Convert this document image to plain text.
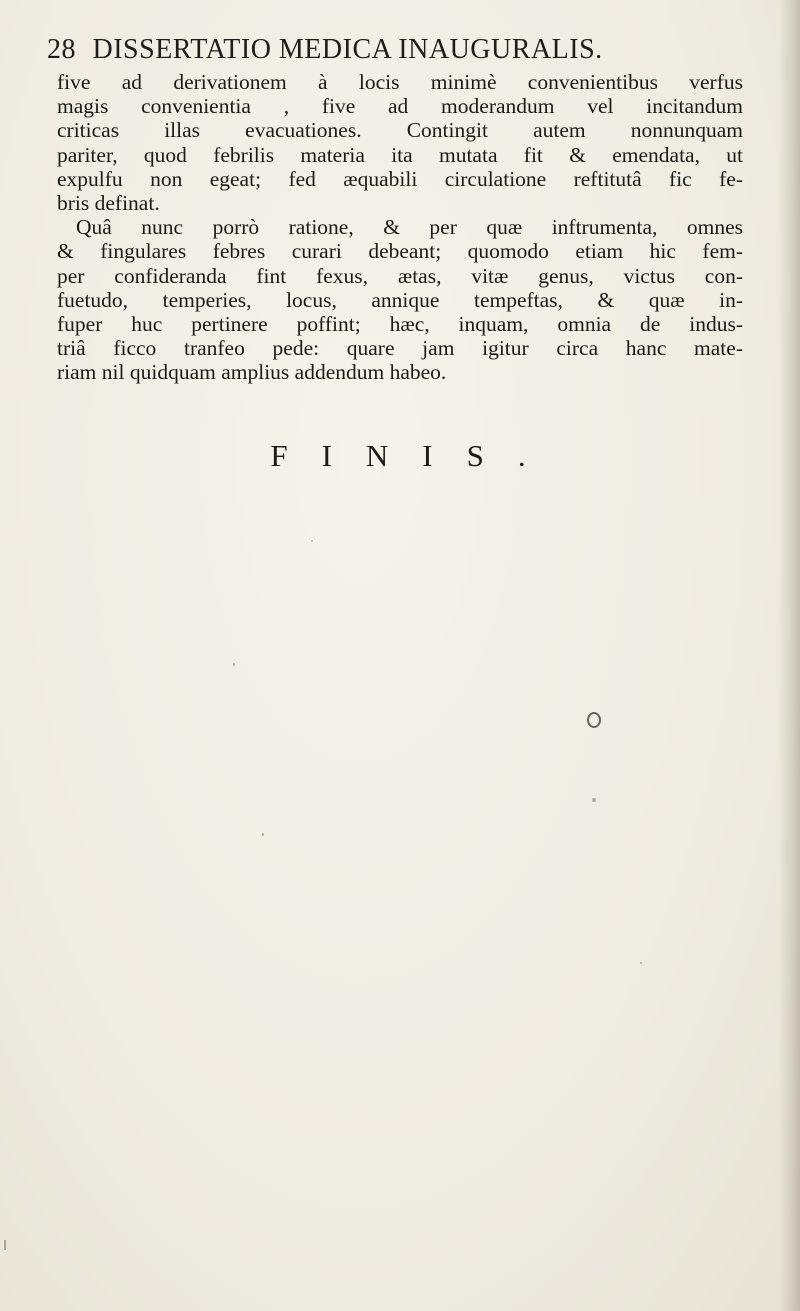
28 DISSERTATIO MEDICA INAUGURALIS.
five ad derivationem à locis minimè convenientibus verfus
magis convenientia , five ad moderandum vel incitandum
criticas illas evacuationes. Contingit autem nonnunquam
pariter, quod febrilis materia ita mutata fit & emendata, ut
expulfu non egeat; fed æquabili circulatione reftitutâ fic fe-
bris definat.
Quâ nunc porrò ratione, & per quæ inftrumenta, omnes
& fingulares febres curari debeant; quomodo etiam hic fem-
per confideranda fint fexus, ætas, vitæ genus, victus con-
fuetudo, temperies, locus, annique tempeftas, & quæ in-
fuper huc pertinere poffint; hæc, inquam, omnia de indus-
triâ ficco tranfeo pede: quare jam igitur circa hanc mate-
riam nil quidquam amplius addendum habeo.
FINIS.
